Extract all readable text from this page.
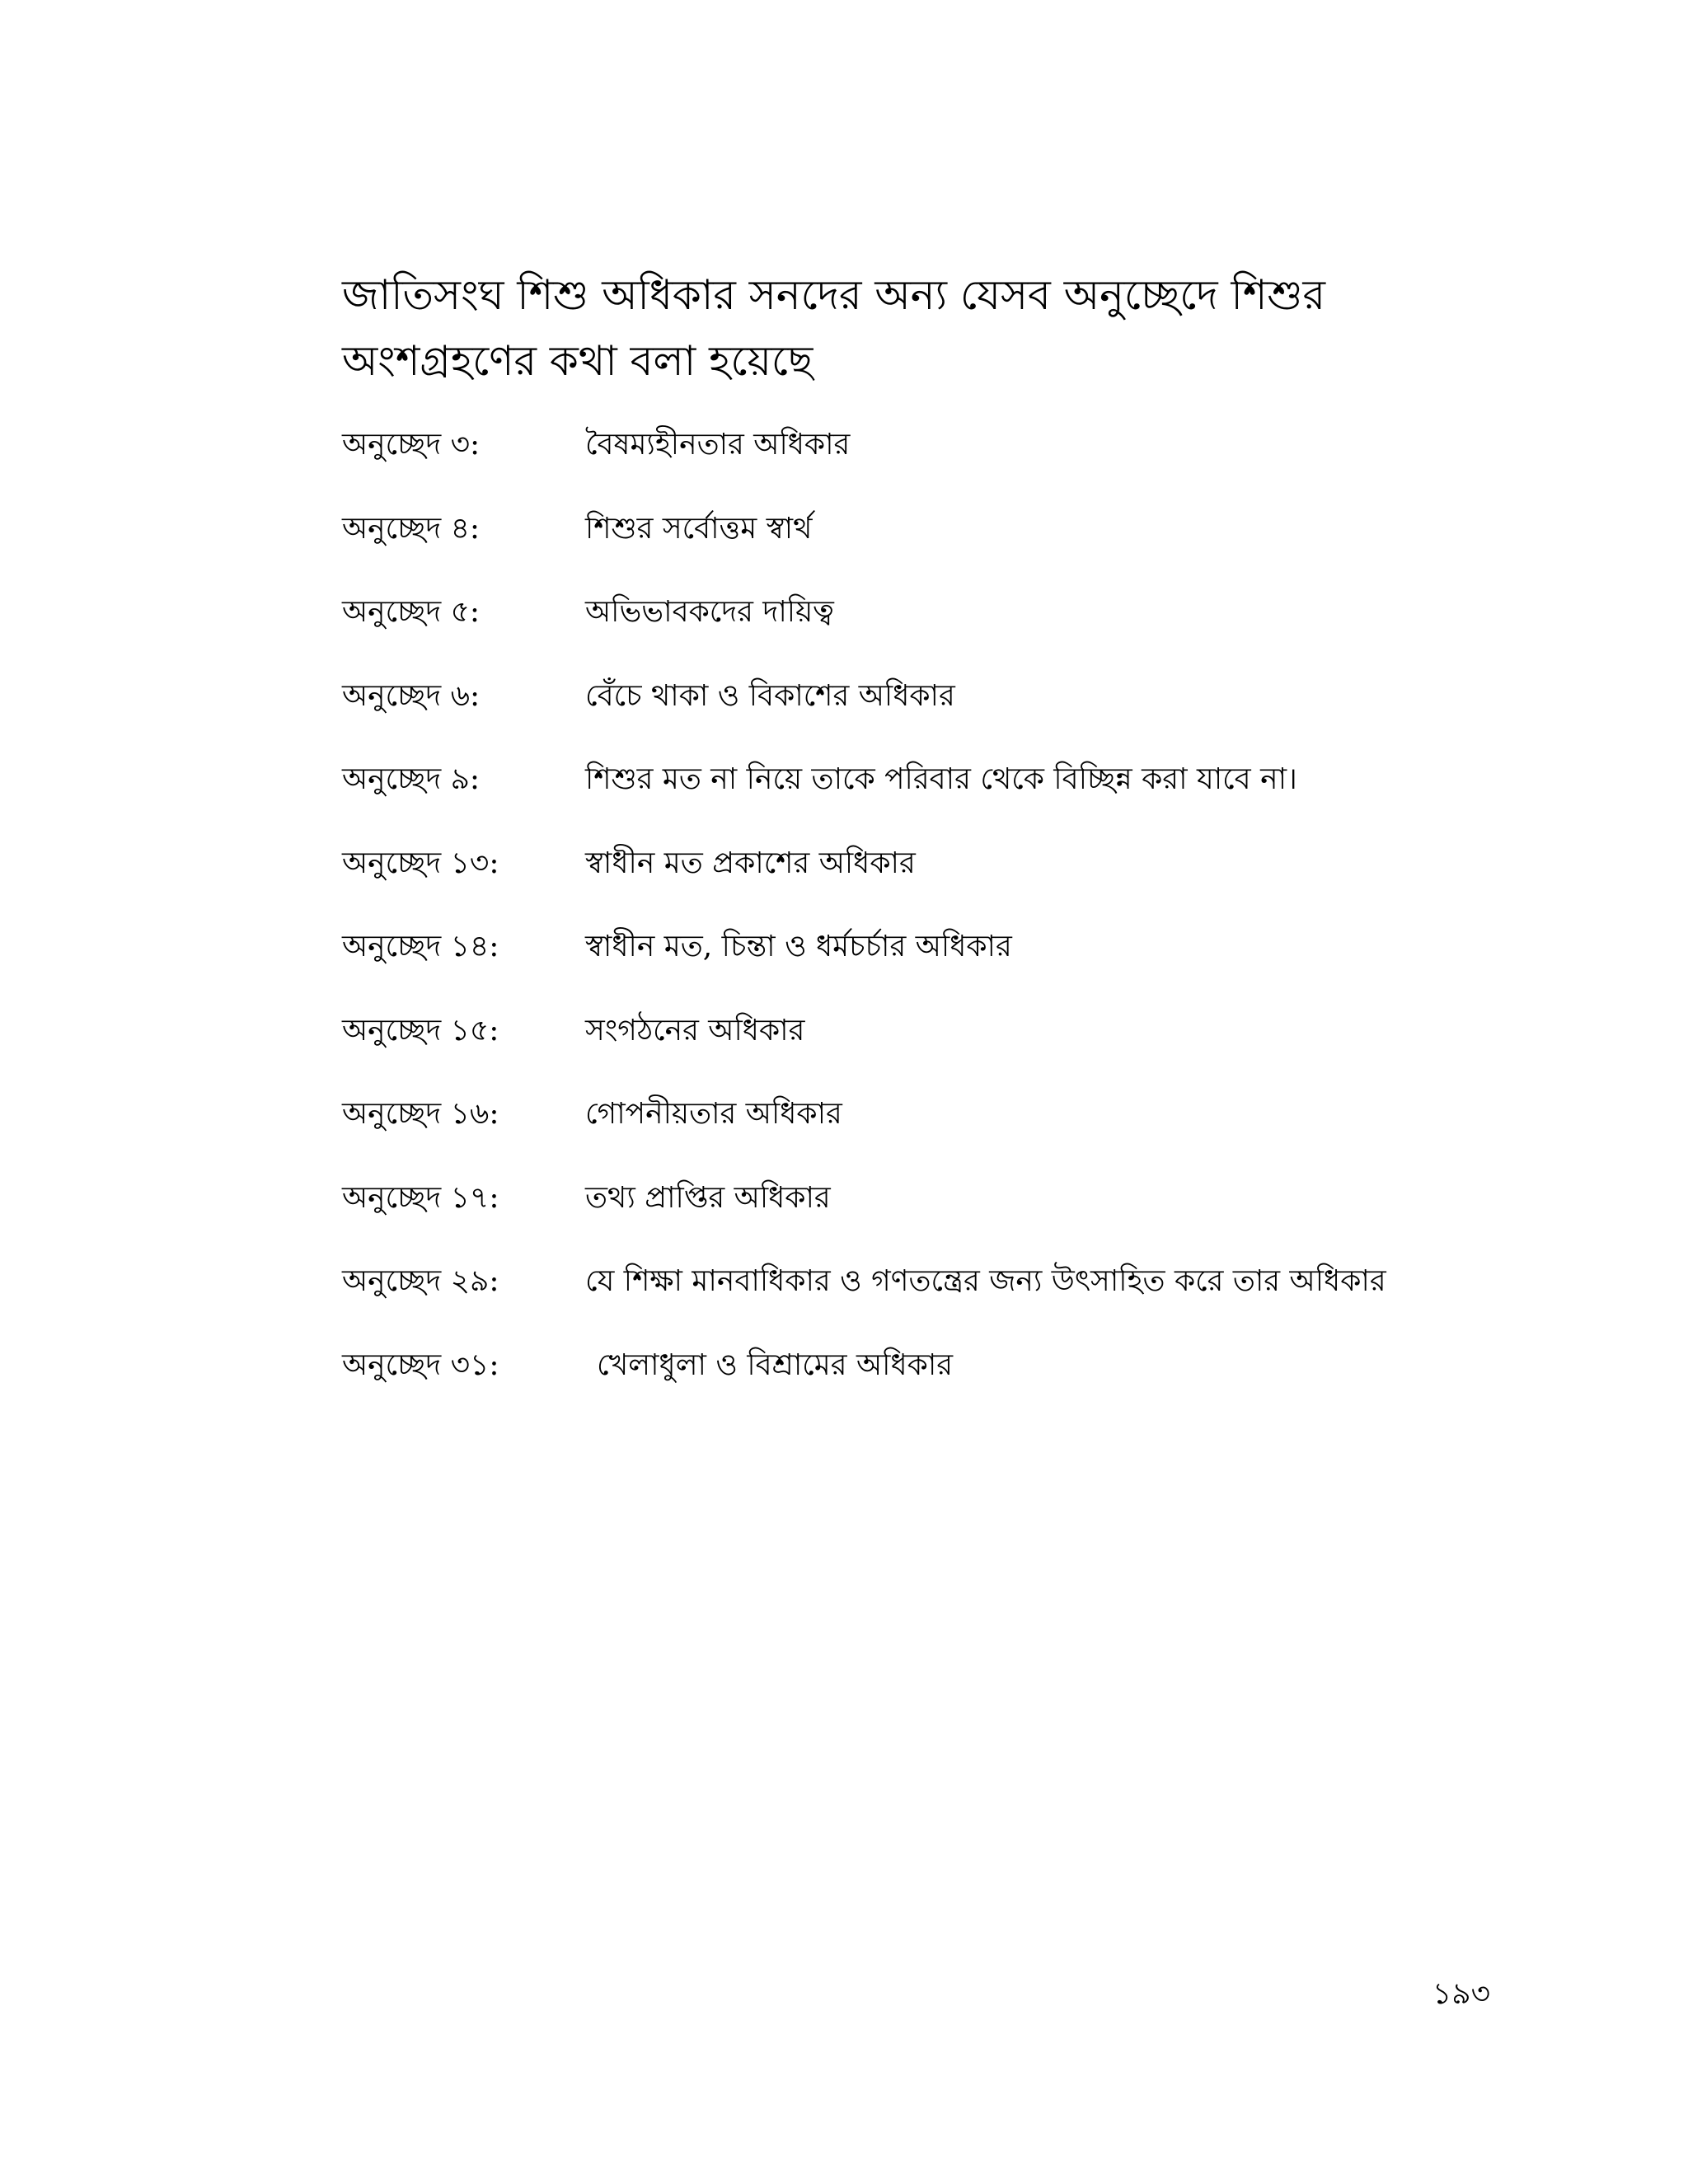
জাতিসংঘ শিশু অধিকার সনদের অন্য যেসব অনুচ্ছেদে শিশুর অংশগ্রহণের কথা বলা হয়েছে
অনুচ্ছেদ ৩:	বৈষম্যহীনতার অধিকার
অনুচ্ছেদ ৪:	শিশুর সর্বোত্তম স্বার্থ
অনুচ্ছেদ ৫:	অভিভাবকদের দায়িত্ব
অনুচ্ছেদ ৬:	বেঁচে থাকা ও বিকাশের অধিকার
অনুচ্ছেদ ৯:	শিশুর মত না নিয়ে তাকে পরিবার থেকে বিচ্ছিন্ন করা যাবে না।
অনুচ্ছেদ ১৩:	স্বাধীন মত প্রকাশের অধিকার
অনুচ্ছেদ ১৪:	স্বাধীন মত, চিন্তা ও ধর্মচর্চার অধিকার
অনুচ্ছেদ ১৫:	সংগঠনের অধিকার
অনুচ্ছেদ ১৬:	গোপনীয়তার অধিকার
অনুচ্ছেদ ১৭:	তথ্য প্রাপ্তির অধিকার
অনুচ্ছেদ ২৯:	যে শিক্ষা মানবাধিকার ও গণতন্ত্রের জন্য উৎসাহিত করে তার অধিকার
অনুচ্ছেদ ৩১:	খেলাধুলা ও বিশ্রামের অধিকার
১৯৩
